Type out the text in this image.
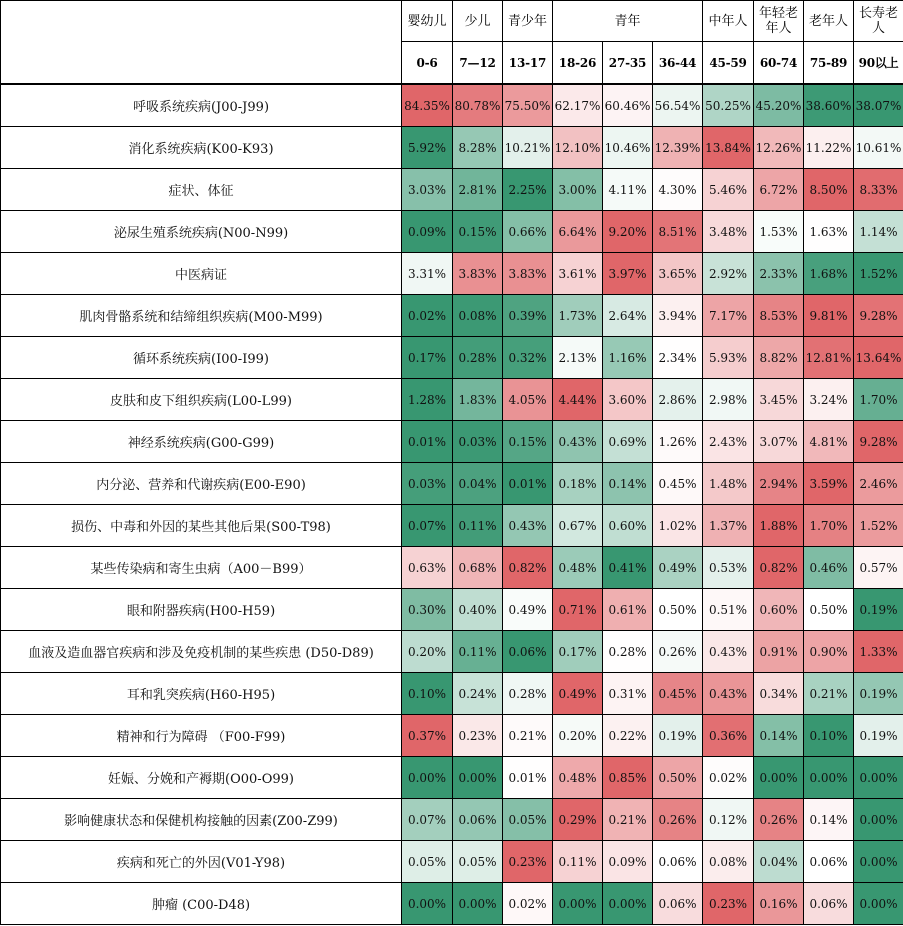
	婴幼儿	少儿	青少年	青年			中年人	年轻老年人	老年人	长寿老人
	0-6	7—12	13-17	18-26	27-35	36-44	45-59	60-74	75-89	90以上
呼吸系统疾病(J00-J99)	84.35%	80.78%	75.50%	62.17%	60.46%	56.54%	50.25%	45.20%	38.60%	38.07%
消化系统疾病(K00-K93)	5.92%	8.28%	10.21%	12.10%	10.46%	12.39%	13.84%	12.26%	11.22%	10.61%
症状、体征	3.03%	2.81%	2.25%	3.00%	4.11%	4.30%	5.46%	6.72%	8.50%	8.33%
泌尿生殖系统疾病(N00-N99)	0.09%	0.15%	0.66%	6.64%	9.20%	8.51%	3.48%	1.53%	1.63%	1.14%
中医病证	3.31%	3.83%	3.83%	3.61%	3.97%	3.65%	2.92%	2.33%	1.68%	1.52%
肌肉骨骼系统和结缔组织疾病(M00-M99)	0.02%	0.08%	0.39%	1.73%	2.64%	3.94%	7.17%	8.53%	9.81%	9.28%
循环系统疾病(I00-I99)	0.17%	0.28%	0.32%	2.13%	1.16%	2.34%	5.93%	8.82%	12.81%	13.64%
皮肤和皮下组织疾病(L00-L99)	1.28%	1.83%	4.05%	4.44%	3.60%	2.86%	2.98%	3.45%	3.24%	1.70%
神经系统疾病(G00-G99)	0.01%	0.03%	0.15%	0.43%	0.69%	1.26%	2.43%	3.07%	4.81%	9.28%
内分泌、营养和代谢疾病(E00-E90)	0.03%	0.04%	0.01%	0.18%	0.14%	0.45%	1.48%	2.94%	3.59%	2.46%
损伤、中毒和外因的某些其他后果(S00-T98)	0.07%	0.11%	0.43%	0.67%	0.60%	1.02%	1.37%	1.88%	1.70%	1.52%
某些传染病和寄生虫病（A00－B99）	0.63%	0.68%	0.82%	0.48%	0.41%	0.49%	0.53%	0.82%	0.46%	0.57%
眼和附器疾病(H00-H59)	0.30%	0.40%	0.49%	0.71%	0.61%	0.50%	0.51%	0.60%	0.50%	0.19%
血液及造血器官疾病和涉及免疫机制的某些疾患 (D50-D89)	0.20%	0.11%	0.06%	0.17%	0.28%	0.26%	0.43%	0.91%	0.90%	1.33%
耳和乳突疾病(H60-H95)	0.10%	0.24%	0.28%	0.49%	0.31%	0.45%	0.43%	0.34%	0.21%	0.19%
精神和行为障碍 （F00-F99)	0.37%	0.23%	0.21%	0.20%	0.22%	0.19%	0.36%	0.14%	0.10%	0.19%
妊娠、分娩和产褥期(O00-O99)	0.00%	0.00%	0.01%	0.48%	0.85%	0.50%	0.02%	0.00%	0.00%	0.00%
影响健康状态和保健机构接触的因素(Z00-Z99)	0.07%	0.06%	0.05%	0.29%	0.21%	0.26%	0.12%	0.26%	0.14%	0.00%
疾病和死亡的外因(V01-Y98)	0.05%	0.05%	0.23%	0.11%	0.09%	0.06%	0.08%	0.04%	0.06%	0.00%
肿瘤 (C00-D48)	0.00%	0.00%	0.02%	0.00%	0.00%	0.06%	0.23%	0.16%	0.06%	0.00%
